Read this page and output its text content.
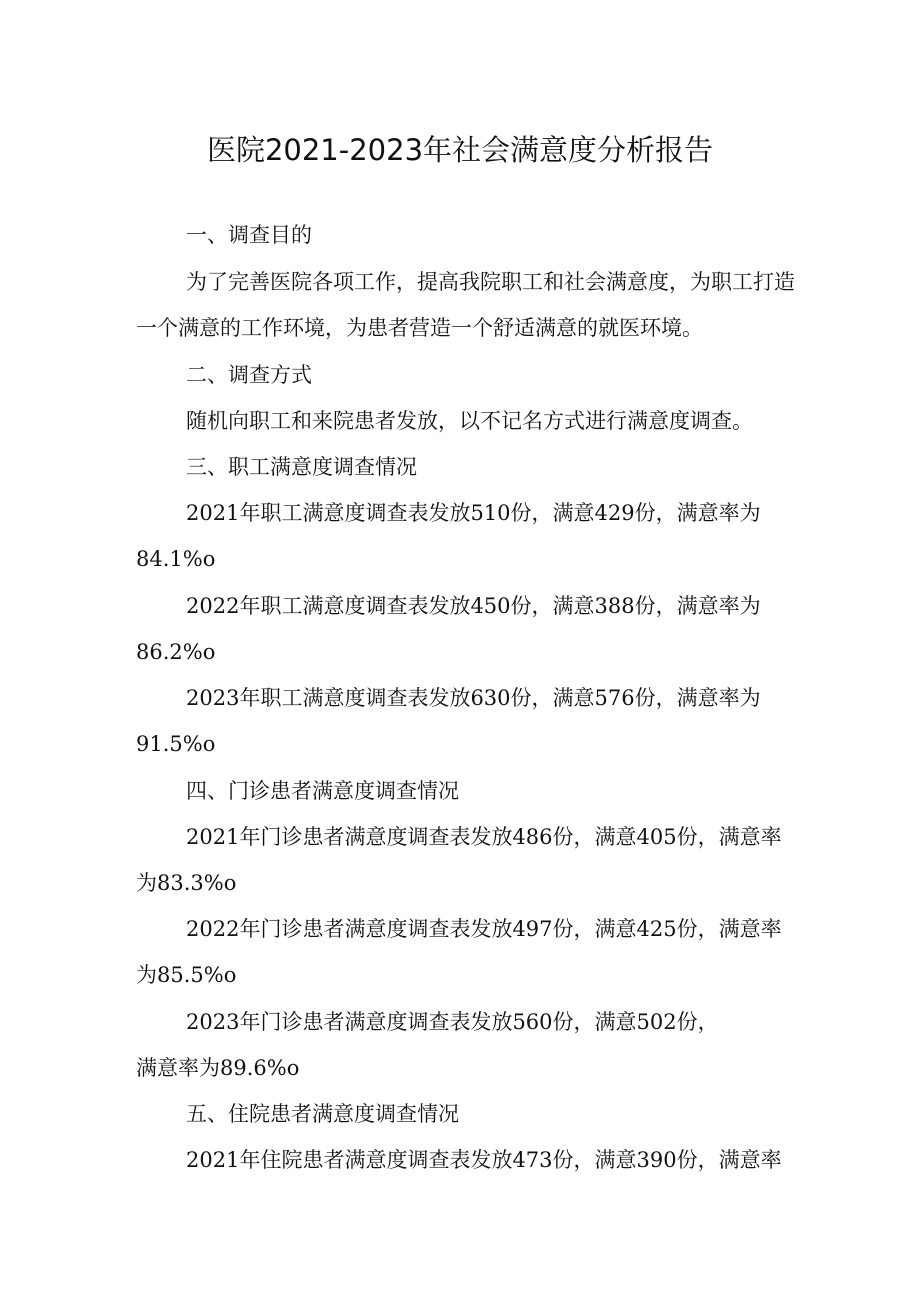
医院2021-2023年社会满意度分析报告
一、调查目的
为了完善医院各项工作，提高我院职工和社会满意度，为职工打造
一个满意的工作环境，为患者营造一个舒适满意的就医环境。
二、调查方式
随机向职工和来院患者发放，以不记名方式进行满意度调查。
三、职工满意度调查情况
2021年职工满意度调查表发放510份，满意429份，满意率为
84.1%o
2022年职工满意度调查表发放450份，满意388份，满意率为
86.2%o
2023年职工满意度调查表发放630份，满意576份，满意率为
91.5%o
四、门诊患者满意度调查情况
2021年门诊患者满意度调查表发放486份，满意405份，满意率
为83.3%o
2022年门诊患者满意度调查表发放497份，满意425份，满意率
为85.5%o
2023年门诊患者满意度调查表发放560份，满意502份，
满意率为89.6%o
五、住院患者满意度调查情况
2021年住院患者满意度调查表发放473份，满意390份，满意率
